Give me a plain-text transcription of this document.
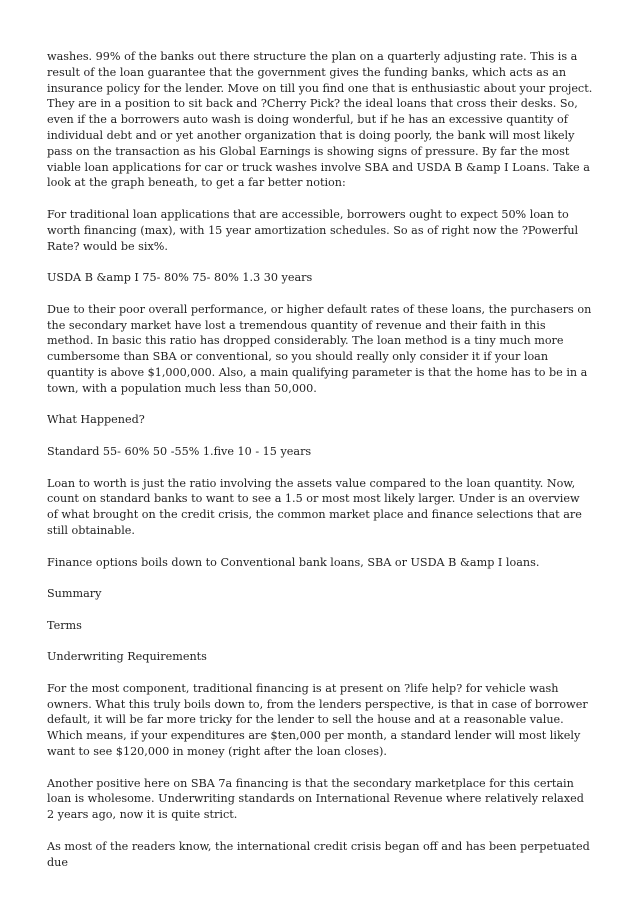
washes. 99% of the banks out there structure the plan on a quarterly adjusting rate. This is a result of the loan guarantee that the government gives the funding banks, which acts as an insurance policy for the lender. Move on till you find one that is enthusiastic about your project. They are in a position to sit back and ?Cherry Pick? the ideal loans that cross their desks. So, even if the a borrowers auto wash is doing wonderful, but if he has an excessive quantity of individual debt and or yet another organization that is doing poorly, the bank will most likely pass on the transaction as his Global Earnings is showing signs of pressure. By far the most viable loan applications for car or truck washes involve SBA and USDA B &amp I Loans. Take a look at the graph beneath, to get a far better notion:

For traditional loan applications that are accessible, borrowers ought to expect 50% loan to worth financing (max), with 15 year amortization schedules. So as of right now the ?Powerful Rate? would be six%.

USDA B &amp I 75- 80% 75- 80% 1.3 30 years

Due to their poor overall performance, or higher default rates of these loans, the purchasers on the secondary market have lost a tremendous quantity of revenue and their faith in this method. In basic this ratio has dropped considerably. The loan method is a tiny much more cumbersome than SBA or conventional, so you should really only consider it if your loan quantity is above $1,000,000. Also, a main qualifying parameter is that the home has to be in a town, with a population much less than 50,000.

What Happened?

Standard 55- 60% 50 -55% 1.five 10 - 15 years

Loan to worth is just the ratio involving the assets value compared to the loan quantity. Now, count on standard banks to want to see a 1.5 or most most likely larger. Under is an overview of what brought on the credit crisis, the common market place and finance selections that are still obtainable.

Finance options boils down to Conventional bank loans, SBA or USDA B &amp I loans.

Summary

Terms

Underwriting Requirements

For the most component, traditional financing is at present on ?life help? for vehicle wash owners. What this truly boils down to, from the lenders perspective, is that in case of borrower default, it will be far more tricky for the lender to sell the house and at a reasonable value. Which means, if your expenditures are $ten,000 per month, a standard lender will most likely want to see $120,000 in money (right after the loan closes).

Another positive here on SBA 7a financing is that the secondary marketplace for this certain loan is wholesome. Underwriting standards on International Revenue where relatively relaxed 2 years ago, now it is quite strict.

As most of the readers know, the international credit crisis began off and has been perpetuated due
